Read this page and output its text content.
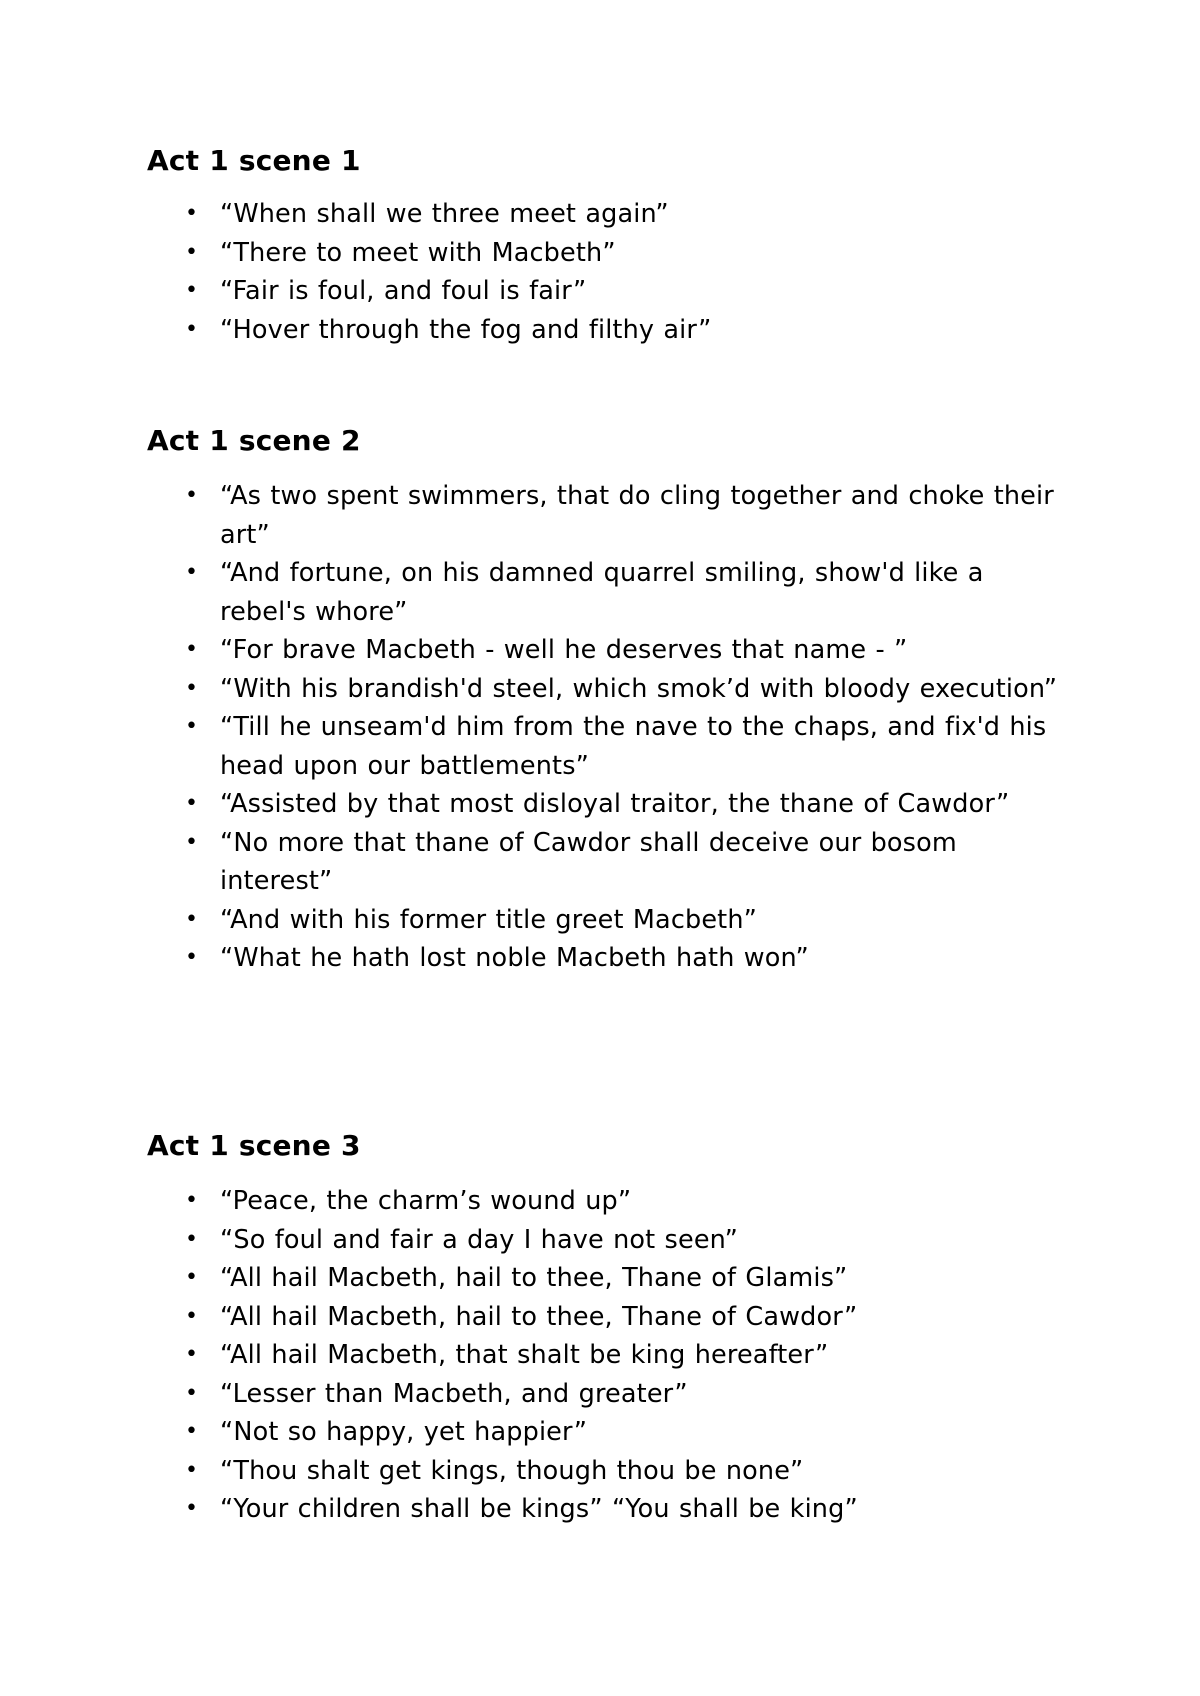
Act 1 scene 1
• “When shall we three meet again”
• “There to meet with Macbeth”
• “Fair is foul, and foul is fair”
• “Hover through the fog and filthy air”
Act 1 scene 2
• “As two spent swimmers, that do cling together and choke their art”
• “And fortune, on his damned quarrel smiling, show'd like a rebel's whore”
• “For brave Macbeth - well he deserves that name - ”
• “With his brandish'd steel, which smok’d with bloody execution”
• “Till he unseam'd him from the nave to the chaps, and fix'd his head upon our battlements”
• “Assisted by that most disloyal traitor, the thane of Cawdor”
• “No more that thane of Cawdor shall deceive our bosom interest”
• “And with his former title greet Macbeth”
• “What he hath lost noble Macbeth hath won”
Act 1 scene 3
• “Peace, the charm’s wound up”
• “So foul and fair a day I have not seen”
• “All hail Macbeth, hail to thee, Thane of Glamis”
• “All hail Macbeth, hail to thee, Thane of Cawdor”
• “All hail Macbeth, that shalt be king hereafter”
• “Lesser than Macbeth, and greater”
• “Not so happy, yet happier”
• “Thou shalt get kings, though thou be none”
• “Your children shall be kings” “You shall be king”
